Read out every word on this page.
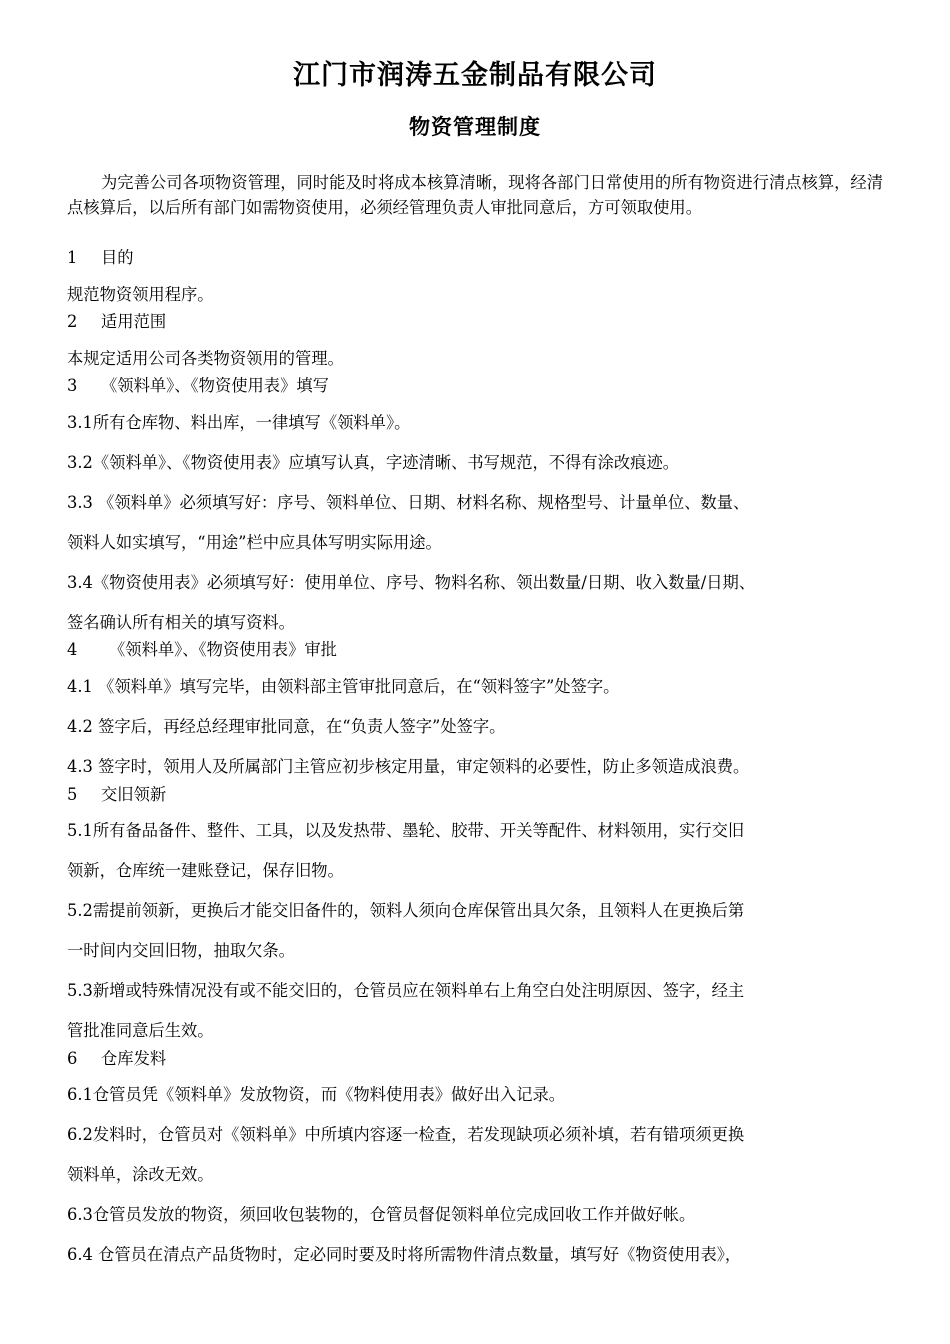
江门市润涛五金制品有限公司
物资管理制度
为完善公司各项物资管理，同时能及时将成本核算清晰，现将各部门日常使用的所有物资进行清点核算，经清点核算后，以后所有部门如需物资使用，必须经管理负责人审批同意后，方可领取使用。
1 目的
规范物资领用程序。
2 适用范围
本规定适用公司各类物资领用的管理。
3 《领料单》、《物资使用表》填写
3.1所有仓库物、料出库，一律填写《领料单》。
3.2《领料单》、《物资使用表》应填写认真，字迹清晰、书写规范，不得有涂改痕迹。
3.3 《领料单》必须填写好：序号、领料单位、日期、材料名称、规格型号、计量单位、数量、
领料人如实填写，“用途”栏中应具体写明实际用途。
3.4《物资使用表》必须填写好：使用单位、序号、物料名称、领出数量/日期、收入数量/日期、
签名确认所有相关的填写资料。
4 《领料单》、《物资使用表》审批
4.1 《领料单》填写完毕，由领料部主管审批同意后，在“领料签字”处签字。
4.2 签字后，再经总经理审批同意，在“负责人签字”处签字。
4.3 签字时，领用人及所属部门主管应初步核定用量，审定领料的必要性，防止多领造成浪费。
5 交旧领新
5.1所有备品备件、整件、工具，以及发热带、墨轮、胶带、开关等配件、材料领用，实行交旧
领新，仓库统一建账登记，保存旧物。
5.2需提前领新，更换后才能交旧备件的，领料人须向仓库保管出具欠条，且领料人在更换后第
一时间内交回旧物，抽取欠条。
5.3新增或特殊情况没有或不能交旧的，仓管员应在领料单右上角空白处注明原因、签字，经主
管批准同意后生效。
6 仓库发料
6.1仓管员凭《领料单》发放物资，而《物料使用表》做好出入记录。
6.2发料时，仓管员对《领料单》中所填内容逐一检查，若发现缺项必须补填，若有错项须更换
领料单，涂改无效。
6.3仓管员发放的物资，须回收包装物的，仓管员督促领料单位完成回收工作并做好帐。
6.4 仓管员在清点产品货物时，定必同时要及时将所需物件清点数量，填写好《物资使用表》，
